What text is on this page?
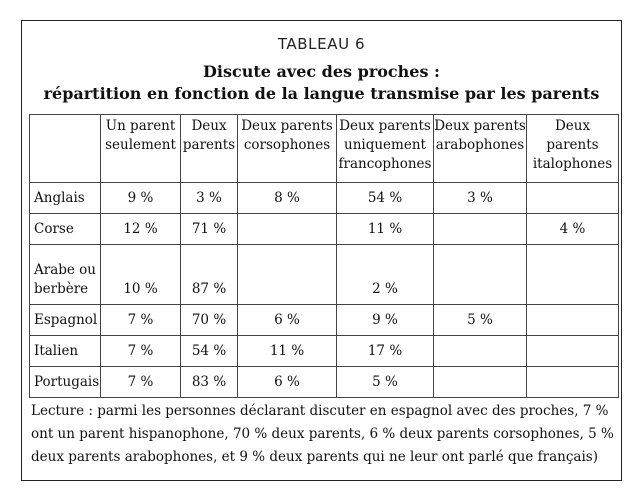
TABLEAU 6
Discute avec des proches :
répartition en fonction de la langue transmise par les parents
	Un parent seulement	Deux parents	Deux parents corsophones	Deux parents uniquement francophones	Deux parents arabophones	Deux parents italophones
Anglais	9 %	3 %	8 %	54 %	3 %	
Corse	12 %	71 %		11 %		4 %
Arabe ou berbère	10 %	87 %		2 %		
Espagnol	7 %	70 %	6 %	9 %	5 %	
Italien	7 %	54 %	11 %	17 %		
Portugais	7 %	83 %	6 %	5 %		
Lecture : parmi les personnes déclarant discuter en espagnol avec des proches, 7 % ont un parent hispanophone, 70 % deux parents, 6 % deux parents corsophones, 5 % deux parents arabophones, et 9 % deux parents qui ne leur ont parlé que français)
